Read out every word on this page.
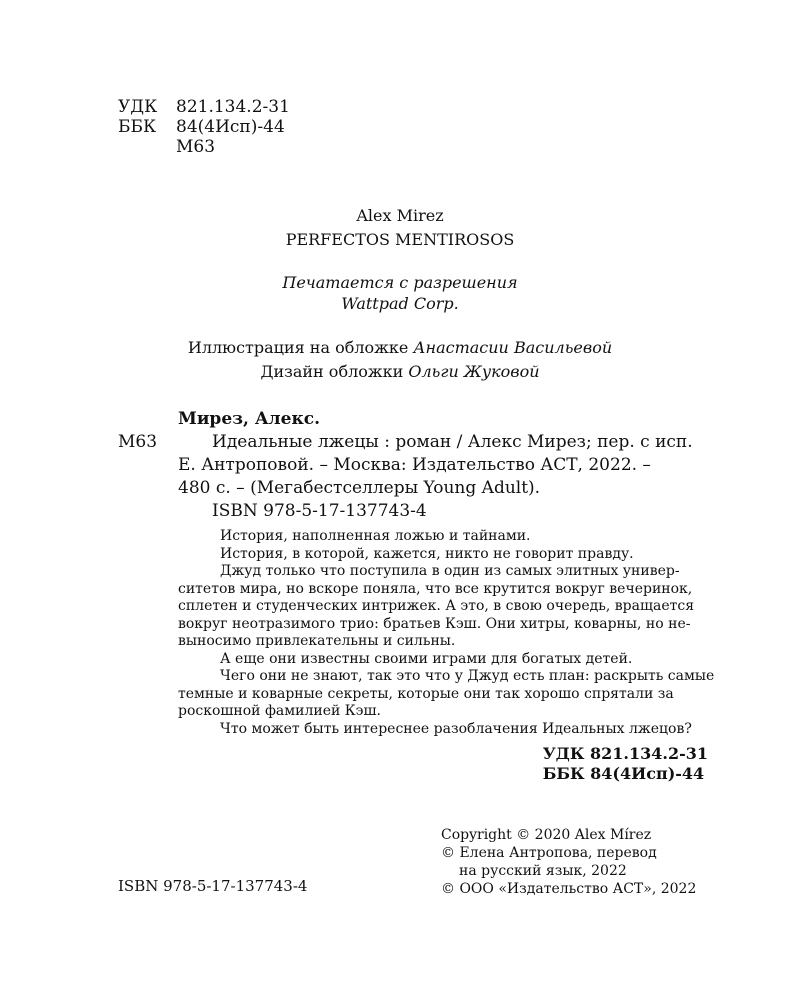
УДК	821.134.2-31
ББК	84(4Исп)-44
	М63
Alex Mirez
PERFECTOS MENTIROSOS
Печатается с разрешения
Wattpad Corp.
Иллюстрация на обложке Анастасии Васильевой
Дизайн обложки Ольги Жуковой
Мирез, Алекс.
М63	Идеальные лжецы : роман / Алекс Мирез; пер. с исп.
Е. Антроповой. – Москва: Издательство АСТ, 2022. –
480 с. – (Мегабестселлеры Young Adult).
ISBN 978-5-17-137743-4
История, наполненная ложью и тайнами.
История, в которой, кажется, никто не говорит правду.
Джуд только что поступила в один из самых элитных универ-
ситетов мира, но вскоре поняла, что все крутится вокруг вечеринок,
сплетен и студенческих интрижек. А это, в свою очередь, вращается
вокруг неотразимого трио: братьев Кэш. Они хитры, коварны, но не-
выносимо привлекательны и сильны.
А еще они известны своими играми для богатых детей.
Чего они не знают, так это что у Джуд есть план: раскрыть самые
темные и коварные секреты, которые они так хорошо спрятали за
роскошной фамилией Кэш.
Что может быть интереснее разоблачения Идеальных лжецов?
УДК 821.134.2-31
ББК 84(4Исп)-44
ISBN 978-5-17-137743-4
Copyright © 2020 Alex Mírez
© Елена Антропова, перевод
на русский язык, 2022
© ООО «Издательство АСТ», 2022
